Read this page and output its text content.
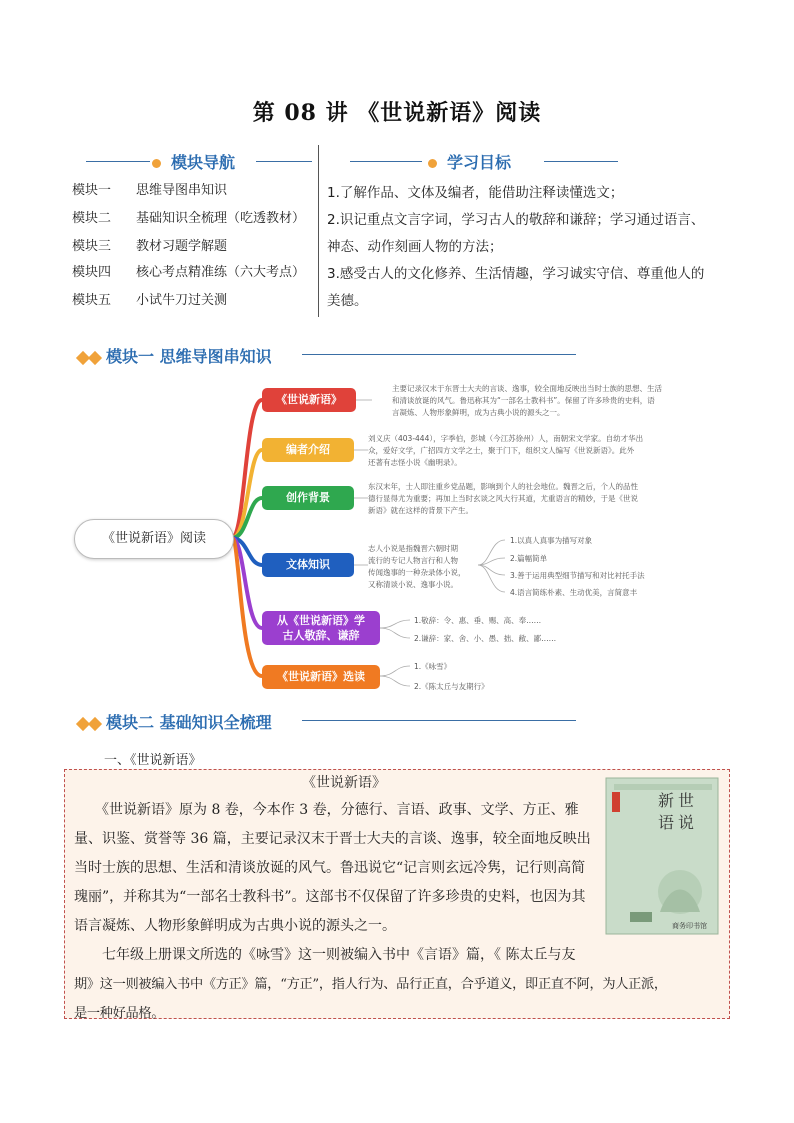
第 08 讲 《世说新语》阅读
模块导航
模块一 思维导图串知识
模块二 基础知识全梳理（吃透教材）
模块三 教材习题学解题
模块四 核心考点精准练（六大考点）
模块五 小试牛刀过关测
学习目标
1.了解作品、文体及编者，能借助注释读懂选文；
2.识记重点文言字词，学习古人的敬辞和谦辞；学习通过语言、
神态、动作刻画人物的方法；
3.感受古人的文化修养、生活情趣，学习诚实守信、尊重他人的
美德。
模块一 思维导图串知识
《世说新语》阅读
《世说新语》
主要记录汉末于东晋士大夫的言谈、逸事，较全面地反映出当时士族的思想、生活
和清谈放诞的风气。鲁迅称其为“一部名士教科书”。保留了许多珍贵的史料，语
言凝炼、人物形象鲜明，成为古典小说的源头之一。
编者介绍
刘义庆（403-444），字季伯，彭城（今江苏徐州）人，南朝宋文学家。自幼才华出
众，爱好文学，广招四方文学之士，聚于门下，组织文人编写《世说新语》。此外
还著有志怪小说《幽明录》。
创作背景
东汉末年，士人即注重乡党品题，影响到个人的社会地位。魏晋之后，个人的品性
德行显得尤为重要；再加上当时玄谈之风大行其道，尤重语言的精妙，于是《世说
新语》就在这样的背景下产生。
文体知识
志人小说是指魏晋六朝时期
流行的专记人物言行和人物
传闻逸事的一种杂录体小说，
又称清谈小说、逸事小说。
1.以真人真事为描写对象
2.篇幅简单
3.善于运用典型细节描写和对比衬托手法
4.语言简练朴素、生动优美，言简意丰
从《世说新语》学
古人敬辞、谦辞
1.敬辞：令、惠、垂、赐、高、奉……
2.谦辞：家、舍、小、愚、拙、敝、鄙……
《世说新语》选读
1.《咏雪》
2.《陈太丘与友期行》
模块二 基础知识全梳理
一、《世说新语》
《世说新语》
　　《世说新语》原为 8 卷，今本作 3 卷，分德行、言语、政事、文学、方正、雅
量、识鉴、赏誉等 36 篇，主要记录汉末于晋士大夫的言谈、逸事，较全面地反映出
当时士族的思想、生活和清谈放诞的风气。鲁迅说它“记言则玄远冷隽，记行则高简
瑰丽”，并称其为“一部名士教科书”。这部书不仅保留了许多珍贵的史料，也因为其
语言凝炼、人物形象鲜明成为古典小说的源头之一。
　　七年级上册课文所选的《咏雪》这一则被编入书中《言语》篇，《 陈太丘与友
期》这一则被编入书中《方正》篇，“方正”，指人行为、品行正直，合乎道义，即正直不阿，为人正派，
是一种好品格。
世说新语
商务印书馆
